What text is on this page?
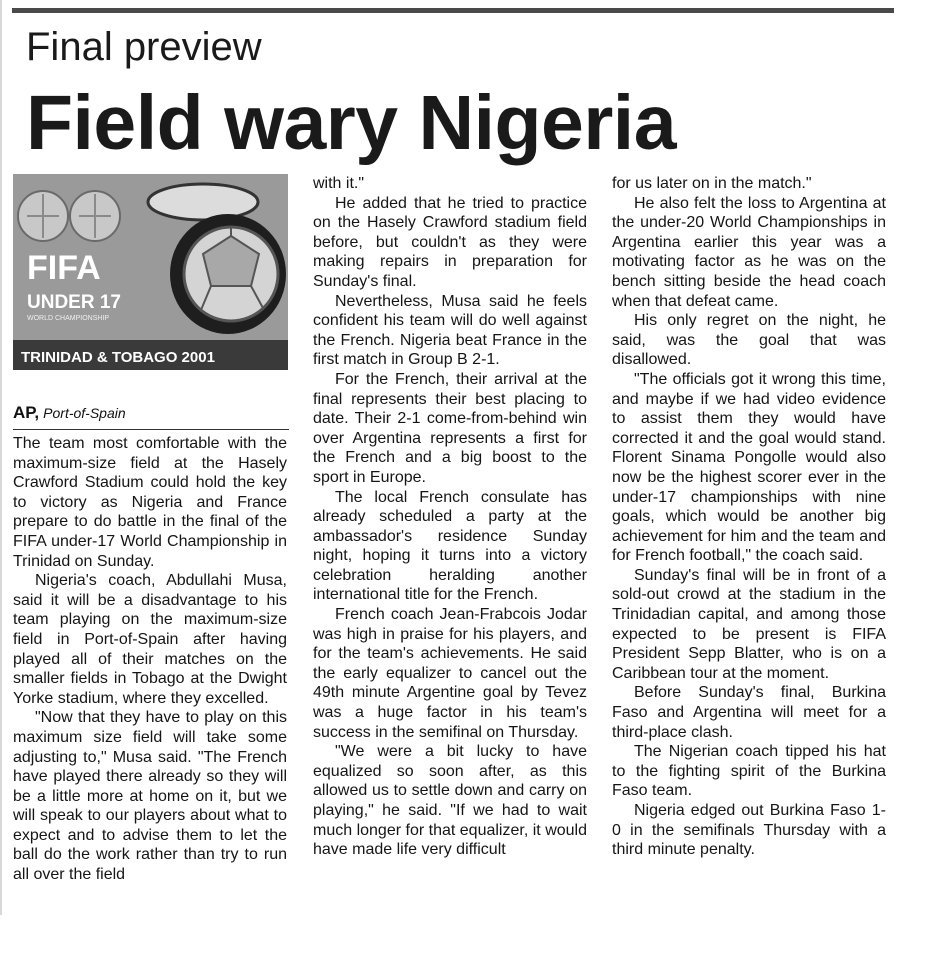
Final preview
Field wary Nigeria
FIFA
UNDER 17
WORLD CHAMPIONSHIP
TRINIDAD & TOBAGO 2001
AP, Port-of-Spain

The team most comfortable with the maximum-size field at the Hasely Crawford Stadium could hold the key to victory as Nigeria and France prepare to do battle in the final of the FIFA under-17 World Championship in Trinidad on Sunday.

Nigeria's coach, Abdullahi Musa, said it will be a disadvantage to his team playing on the maximum-size field in Port-of-Spain after having played all of their matches on the smaller fields in Tobago at the Dwight Yorke stadium, where they excelled.

"Now that they have to play on this maximum size field will take some adjusting to," Musa said. "The French have played there already so they will be a little more at home on it, but we will speak to our players about what to expect and to advise them to let the ball do the work rather than try to run all over the field

with it."

He added that he tried to practice on the Hasely Crawford stadium field before, but couldn't as they were making repairs in preparation for Sunday's final.

Nevertheless, Musa said he feels confident his team will do well against the French. Nigeria beat France in the first match in Group B 2-1.

For the French, their arrival at the final represents their best placing to date. Their 2-1 come-from-behind win over Argentina represents a first for the French and a big boost to the sport in Europe.

The local French consulate has already scheduled a party at the ambassador's residence Sunday night, hoping it turns into a victory celebration heralding another international title for the French.

French coach Jean-Frabcois Jodar was high in praise for his players, and for the team's achievements. He said the early equalizer to cancel out the 49th minute Argentine goal by Tevez was a huge factor in his team's success in the semifinal on Thursday.

"We were a bit lucky to have equalized so soon after, as this allowed us to settle down and carry on playing," he said. "If we had to wait much longer for that equalizer, it would have made life very difficult

for us later on in the match."

He also felt the loss to Argentina at the under-20 World Championships in Argentina earlier this year was a motivating factor as he was on the bench sitting beside the head coach when that defeat came.

His only regret on the night, he said, was the goal that was disallowed.

"The officials got it wrong this time, and maybe if we had video evidence to assist them they would have corrected it and the goal would stand. Florent Sinama Pongolle would also now be the highest scorer ever in the under-17 championships with nine goals, which would be another big achievement for him and the team and for French football," the coach said.

Sunday's final will be in front of a sold-out crowd at the stadium in the Trinidadian capital, and among those expected to be present is FIFA President Sepp Blatter, who is on a Caribbean tour at the moment.

Before Sunday's final, Burkina Faso and Argentina will meet for a third-place clash.

The Nigerian coach tipped his hat to the fighting spirit of the Burkina Faso team.

Nigeria edged out Burkina Faso 1-0 in the semifinals Thursday with a third minute penalty.
